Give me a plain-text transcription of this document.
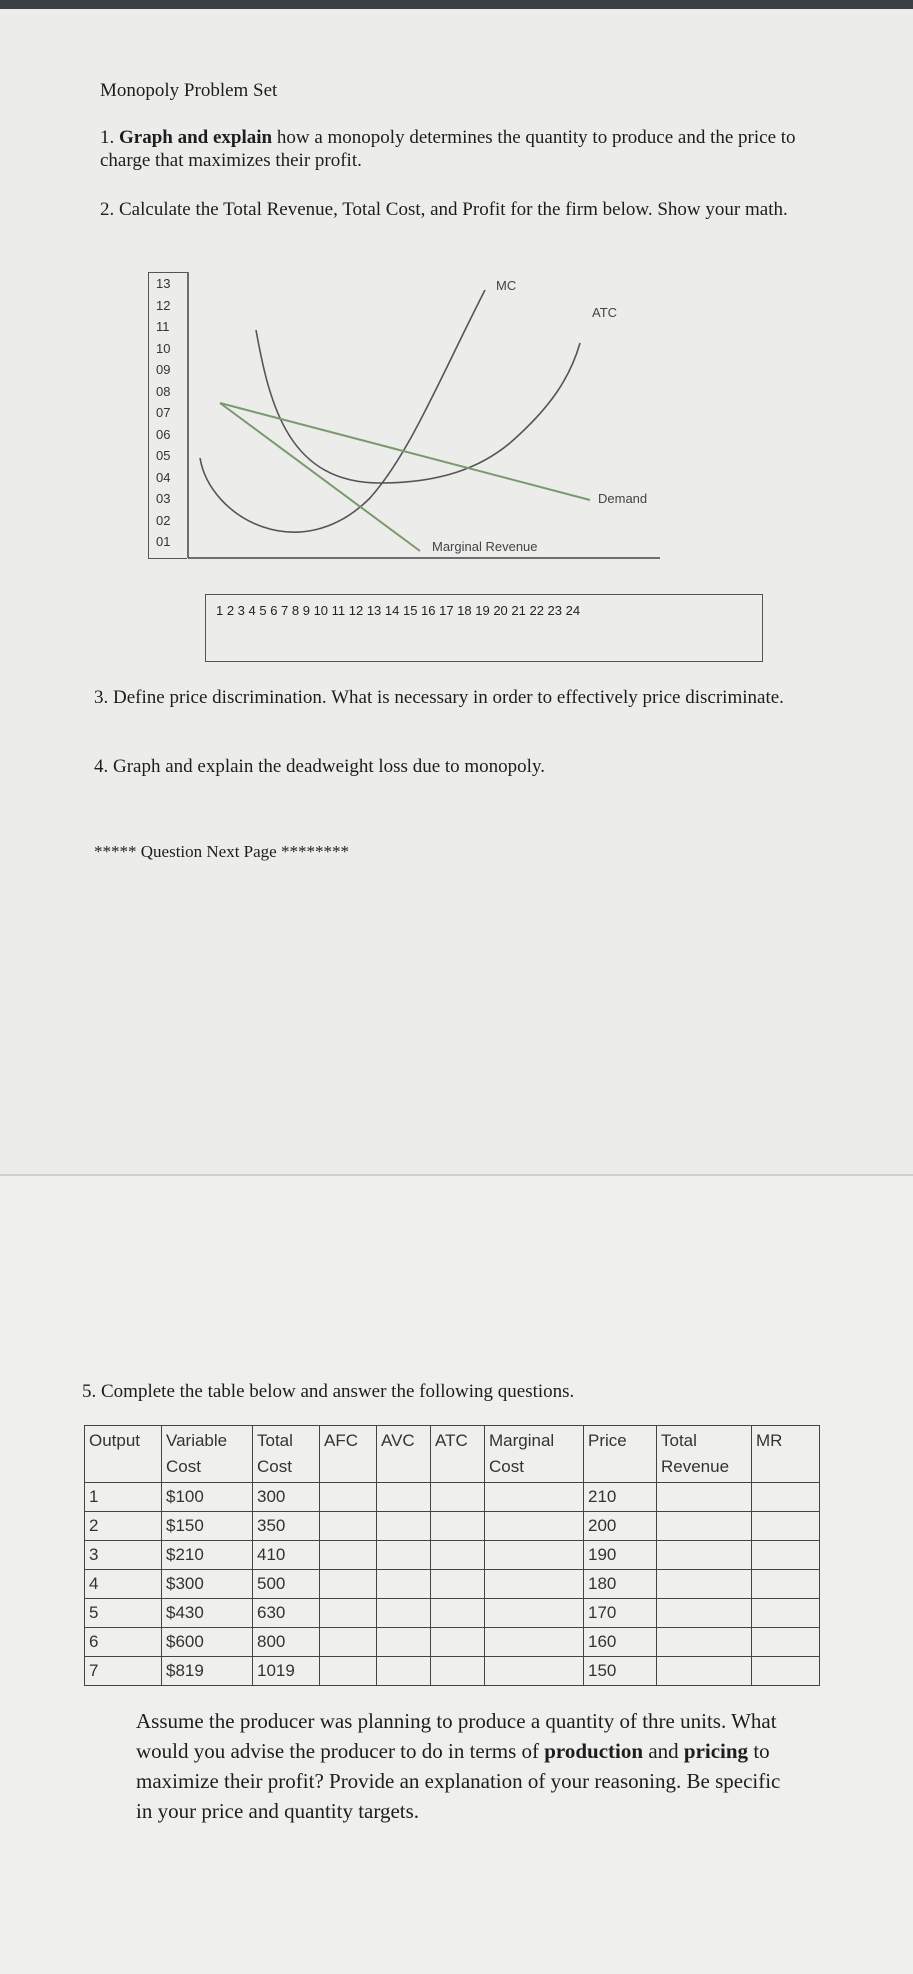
Monopoly Problem Set
1. Graph and explain how a monopoly determines the quantity to produce and the price to charge that maximizes their profit.
2. Calculate the Total Revenue, Total Cost, and Profit for the firm below. Show your math.
MC
ATC
Demand
Marginal Revenue
13
12
11
10
09
08
07
06
05
04
03
02
01
1 2 3 4 5 6 7 8 9 10 11 12 13 14 15 16 17 18 19 20 21 22 23 24
3. Define price discrimination. What is necessary in order to effectively price discriminate.
4. Graph and explain the deadweight loss due to monopoly.
***** Question Next Page ********
5. Complete the table below and answer the following questions.
Output	Variable Cost	Total Cost	AFC	AVC	ATC	Marginal Cost	Price	Total Revenue	MR
1	$100	300					210		
2	$150	350					200		
3	$210	410					190		
4	$300	500					180		
5	$430	630					170		
6	$600	800					160		
7	$819	1019					150		
Assume the producer was planning to produce a quantity of thre units. What would you advise the producer to do in terms of production and pricing to maximize their profit? Provide an explanation of your reasoning. Be specific in your price and quantity targets.
